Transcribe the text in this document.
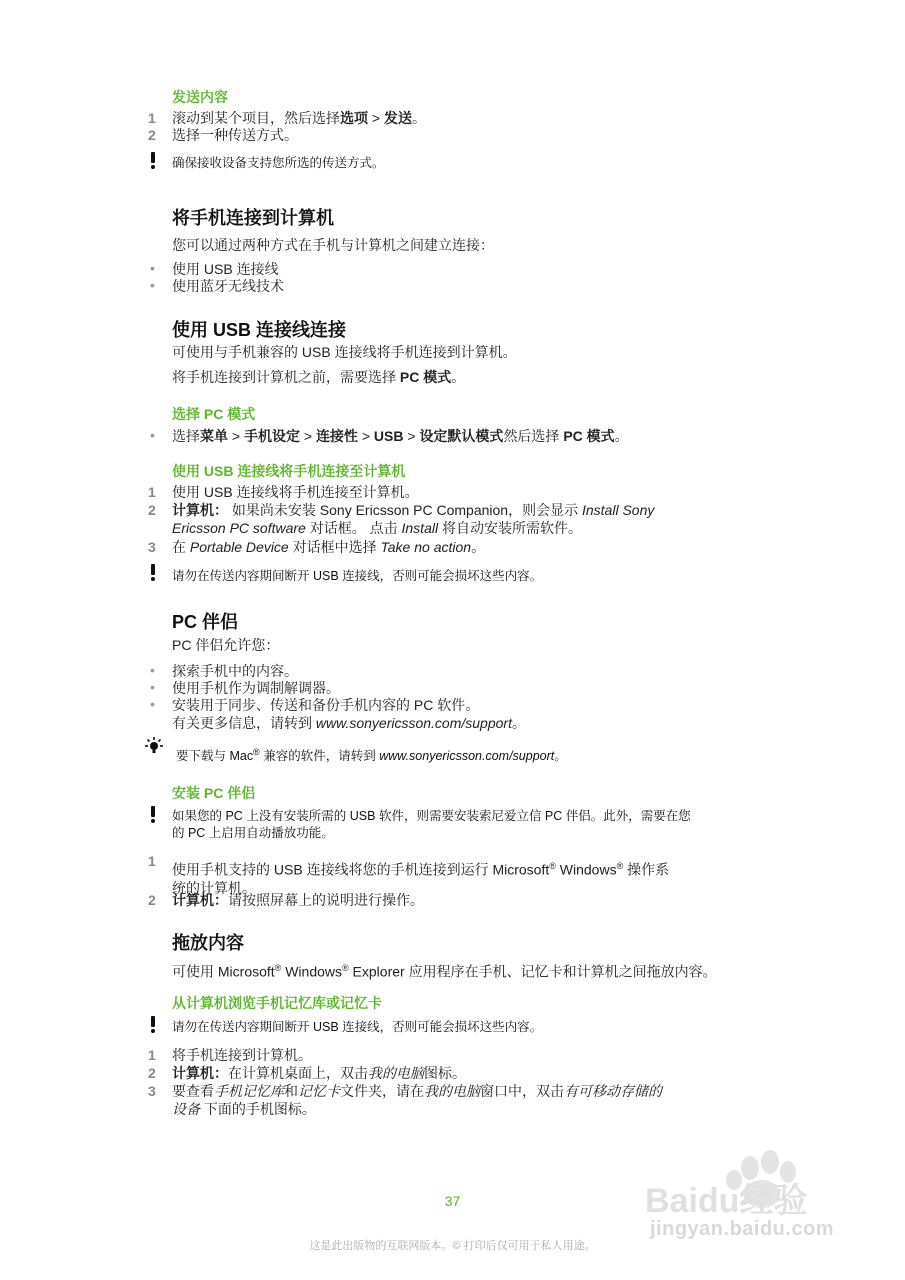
发送内容
1 滚动到某个项目，然后选择选项 > 发送。
2 选择一种传送方式。
确保接收设备支持您所选的传送方式。
将手机连接到计算机
您可以通过两种方式在手机与计算机之间建立连接：
• 使用 USB 连接线
• 使用蓝牙无线技术
使用 USB 连接线连接
可使用与手机兼容的 USB 连接线将手机连接到计算机。
将手机连接到计算机之前，需要选择 PC 模式。
选择 PC 模式
• 选择菜单 > 手机设定 > 连接性 > USB > 设定默认模式然后选择 PC 模式。
使用 USB 连接线将手机连接至计算机
1 使用 USB 连接线将手机连接至计算机。
2 计算机： 如果尚未安装 Sony Ericsson PC Companion，则会显示 Install Sony
Ericsson PC software 对话框。 点击 Install 将自动安装所需软件。
3 在 Portable Device 对话框中选择 Take no action。
请勿在传送内容期间断开 USB 连接线，否则可能会损坏这些内容。
PC 伴侣
PC 伴侣允许您：
• 探索手机中的内容。
• 使用手机作为调制解调器。
• 安装用于同步、传送和备份手机内容的 PC 软件。
有关更多信息，请转到 www.sonyericsson.com/support。
要下载与 Mac® 兼容的软件，请转到 www.sonyericsson.com/support。
安装 PC 伴侣
如果您的 PC 上没有安装所需的 USB 软件，则需要安装索尼爱立信 PC 伴侣。此外，需要在您
的 PC 上启用自动播放功能。
1
使用手机支持的 USB 连接线将您的手机连接到运行 Microsoft® Windows® 操作系
统的计算机。
2 计算机：请按照屏幕上的说明进行操作。
拖放内容
可使用 Microsoft® Windows® Explorer 应用程序在手机、记忆卡和计算机之间拖放内容。
从计算机浏览手机记忆库或记忆卡
请勿在传送内容期间断开 USB 连接线，否则可能会损坏这些内容。
1 将手机连接到计算机。
2 计算机：在计算机桌面上，双击我的电脑图标。
3 要查看手机记忆库和记忆卡文件夹，请在我的电脑窗口中，双击有可移动存储的
设备 下面的手机图标。
Baidu经验
jingyan.baidu.com
37
这是此出版物的互联网版本。© 打印后仅可用于私人用途。
